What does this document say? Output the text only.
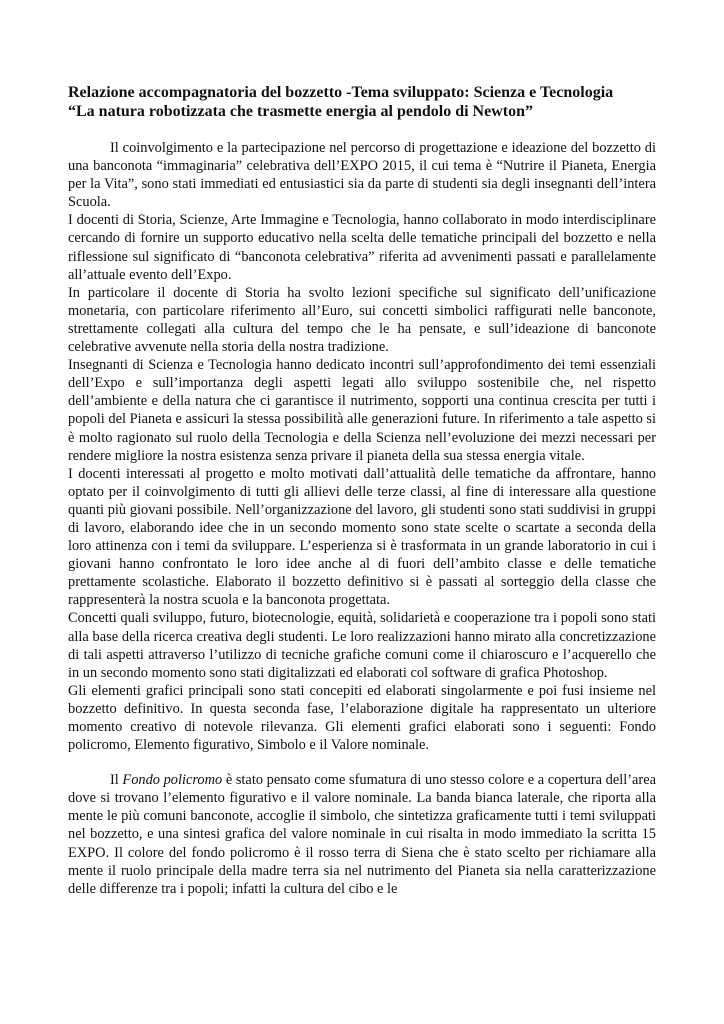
Relazione accompagnatoria del bozzetto -Tema sviluppato: Scienza e Tecnologia
“La natura robotizzata che trasmette energia al pendolo di Newton”

Il coinvolgimento e la partecipazione nel percorso di progettazione e ideazione del bozzetto di una banconota “immaginaria” celebrativa dell’EXPO 2015, il cui tema è “Nutrire il Pianeta, Energia per la Vita”, sono stati immediati ed entusiastici sia da parte di studenti sia degli insegnanti dell’intera Scuola.

I docenti di Storia, Scienze, Arte Immagine e Tecnologia, hanno collaborato in modo interdisciplinare cercando di fornire un supporto educativo nella scelta delle tematiche principali del bozzetto e nella riflessione sul significato di “banconota celebrativa” riferita ad avvenimenti passati e parallelamente all’attuale evento dell’Expo.

In particolare il docente di Storia ha svolto lezioni specifiche sul significato dell’unificazione monetaria, con particolare riferimento all’Euro, sui concetti simbolici raffigurati nelle banconote, strettamente collegati alla cultura del tempo che le ha pensate, e sull’ideazione di banconote celebrative avvenute nella storia della nostra tradizione.

Insegnanti di Scienza e Tecnologia hanno dedicato incontri sull’approfondimento dei temi essenziali dell’Expo e sull’importanza degli aspetti legati allo sviluppo sostenibile che, nel rispetto dell’ambiente e della natura che ci garantisce il nutrimento, sopporti una continua crescita per tutti i popoli del Pianeta e assicuri la stessa possibilità alle generazioni future. In riferimento a tale aspetto si è molto ragionato sul ruolo della Tecnologia e della Scienza nell’evoluzione dei mezzi necessari per rendere migliore la nostra esistenza senza privare il pianeta della sua stessa energia vitale.

I docenti interessati al progetto e molto motivati dall’attualità delle tematiche da affrontare, hanno optato per il coinvolgimento di tutti gli allievi delle terze classi, al fine di interessare alla questione quanti più giovani possibile. Nell’organizzazione del lavoro, gli studenti sono stati suddivisi in gruppi di lavoro, elaborando idee che in un secondo momento sono state scelte o scartate a seconda della loro attinenza con i temi da sviluppare. L’esperienza si è trasformata in un grande laboratorio in cui i giovani hanno confrontato le loro idee anche al di fuori dell’ambito classe e delle tematiche prettamente scolastiche. Elaborato il bozzetto definitivo si è passati al sorteggio della classe che rappresenterà la nostra scuola e la banconota progettata.

Concetti quali sviluppo, futuro, biotecnologie, equità, solidarietà e cooperazione tra i popoli sono stati alla base della ricerca creativa degli studenti. Le loro realizzazioni hanno mirato alla concretizzazione di tali aspetti attraverso l’utilizzo di tecniche grafiche comuni come il chiaroscuro e l’acquerello che in un secondo momento sono stati digitalizzati ed elaborati col software di grafica Photoshop.

Gli elementi grafici principali sono stati concepiti ed elaborati singolarmente e poi fusi insieme nel bozzetto definitivo. In questa seconda fase, l’elaborazione digitale ha rappresentato un ulteriore momento creativo di notevole rilevanza. Gli elementi grafici elaborati sono i seguenti: Fondo policromo, Elemento figurativo, Simbolo e il Valore nominale.

Il Fondo policromo è stato pensato come sfumatura di uno stesso colore e a copertura dell’area dove si trovano l’elemento figurativo e il valore nominale. La banda bianca laterale, che riporta alla mente le più comuni banconote, accoglie il simbolo, che sintetizza graficamente tutti i temi sviluppati nel bozzetto, e una sintesi grafica del valore nominale in cui risalta in modo immediato la scritta 15 EXPO. Il colore del fondo policromo è il rosso terra di Siena che è stato scelto per richiamare alla mente il ruolo principale della madre terra sia nel nutrimento del Pianeta sia nella caratterizzazione delle differenze tra i popoli; infatti la cultura del cibo e le
